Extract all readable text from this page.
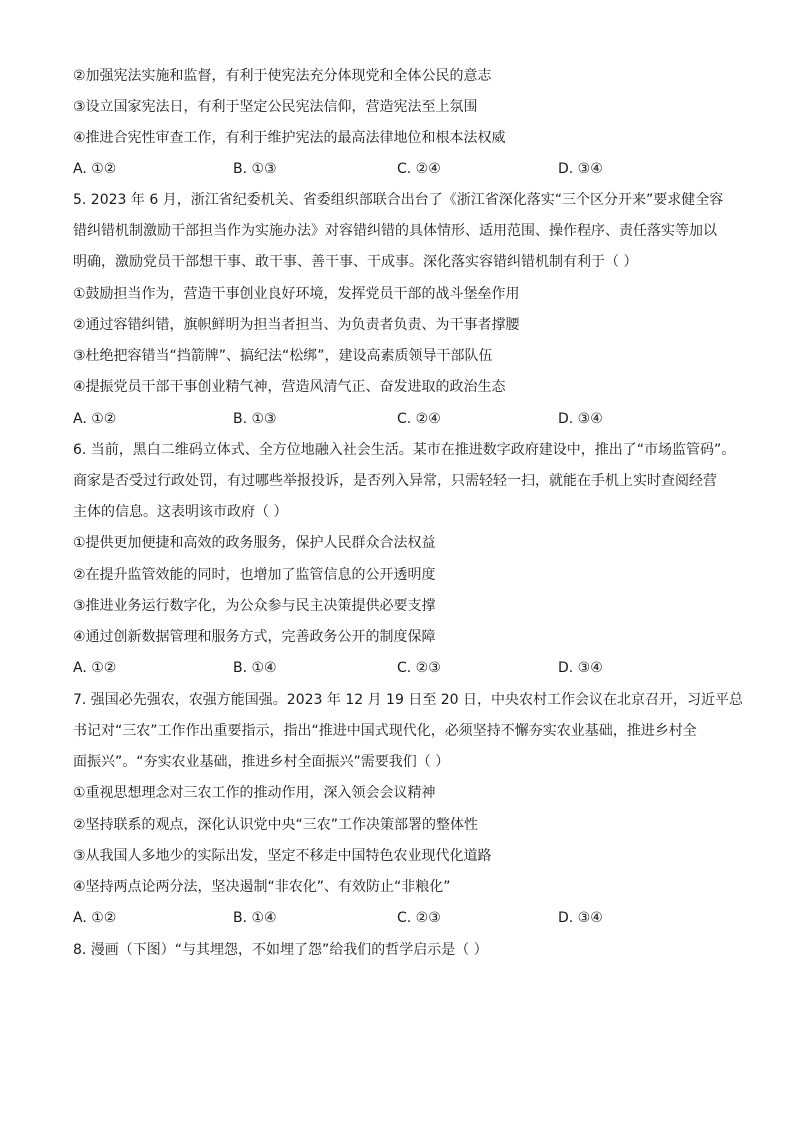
②加强宪法实施和监督，有利于使宪法充分体现党和全体公民的意志
③设立国家宪法日，有利于坚定公民宪法信仰，营造宪法至上氛围
④推进合宪性审查工作，有利于维护宪法的最高法律地位和根本法权威
A. ①②	B. ①③	C. ②④	D. ③④
5. 2023 年 6 月，浙江省纪委机关、省委组织部联合出台了《浙江省深化落实“三个区分开来”要求健全容
错纠错机制激励干部担当作为实施办法》对容错纠错的具体情形、适用范围、操作程序、责任落实等加以
明确，激励党员干部想干事、敢干事、善干事、干成事。深化落实容错纠错机制有利于（ ）
①鼓励担当作为，营造干事创业良好环境，发挥党员干部的战斗堡垒作用
②通过容错纠错，旗帜鲜明为担当者担当、为负责者负责、为干事者撑腰
③杜绝把容错当“挡箭牌”、搞纪法“松绑”，建设高素质领导干部队伍
④提振党员干部干事创业精气神，营造风清气正、奋发进取的政治生态
A. ①②	B. ①③	C. ②④	D. ③④
6. 当前，黑白二维码立体式、全方位地融入社会生活。某市在推进数字政府建设中，推出了“市场监管码”。
商家是否受过行政处罚，有过哪些举报投诉，是否列入异常，只需轻轻一扫，就能在手机上实时查阅经营
主体的信息。这表明该市政府（ ）
①提供更加便捷和高效的政务服务，保护人民群众合法权益
②在提升监管效能的同时，也增加了监管信息的公开透明度
③推进业务运行数字化，为公众参与民主决策提供必要支撑
④通过创新数据管理和服务方式，完善政务公开的制度保障
A. ①②	B. ①④	C. ②③	D. ③④
7. 强国必先强农，农强方能国强。2023 年 12 月 19 日至 20 日，中央农村工作会议在北京召开，习近平总
书记对“三农”工作作出重要指示，指出“推进中国式现代化，必须坚持不懈夯实农业基础，推进乡村全
面振兴”。“夯实农业基础，推进乡村全面振兴”需要我们（ ）
①重视思想理念对三农工作的推动作用，深入领会会议精神
②坚持联系的观点，深化认识党中央“三农”工作决策部署的整体性
③从我国人多地少的实际出发，坚定不移走中国特色农业现代化道路
④坚持两点论两分法，坚决遏制“非农化”、有效防止“非粮化”
A. ①②	B. ①④	C. ②③	D. ③④
8. 漫画（下图）“与其埋怨，不如埋了怨”给我们的哲学启示是（ ）
